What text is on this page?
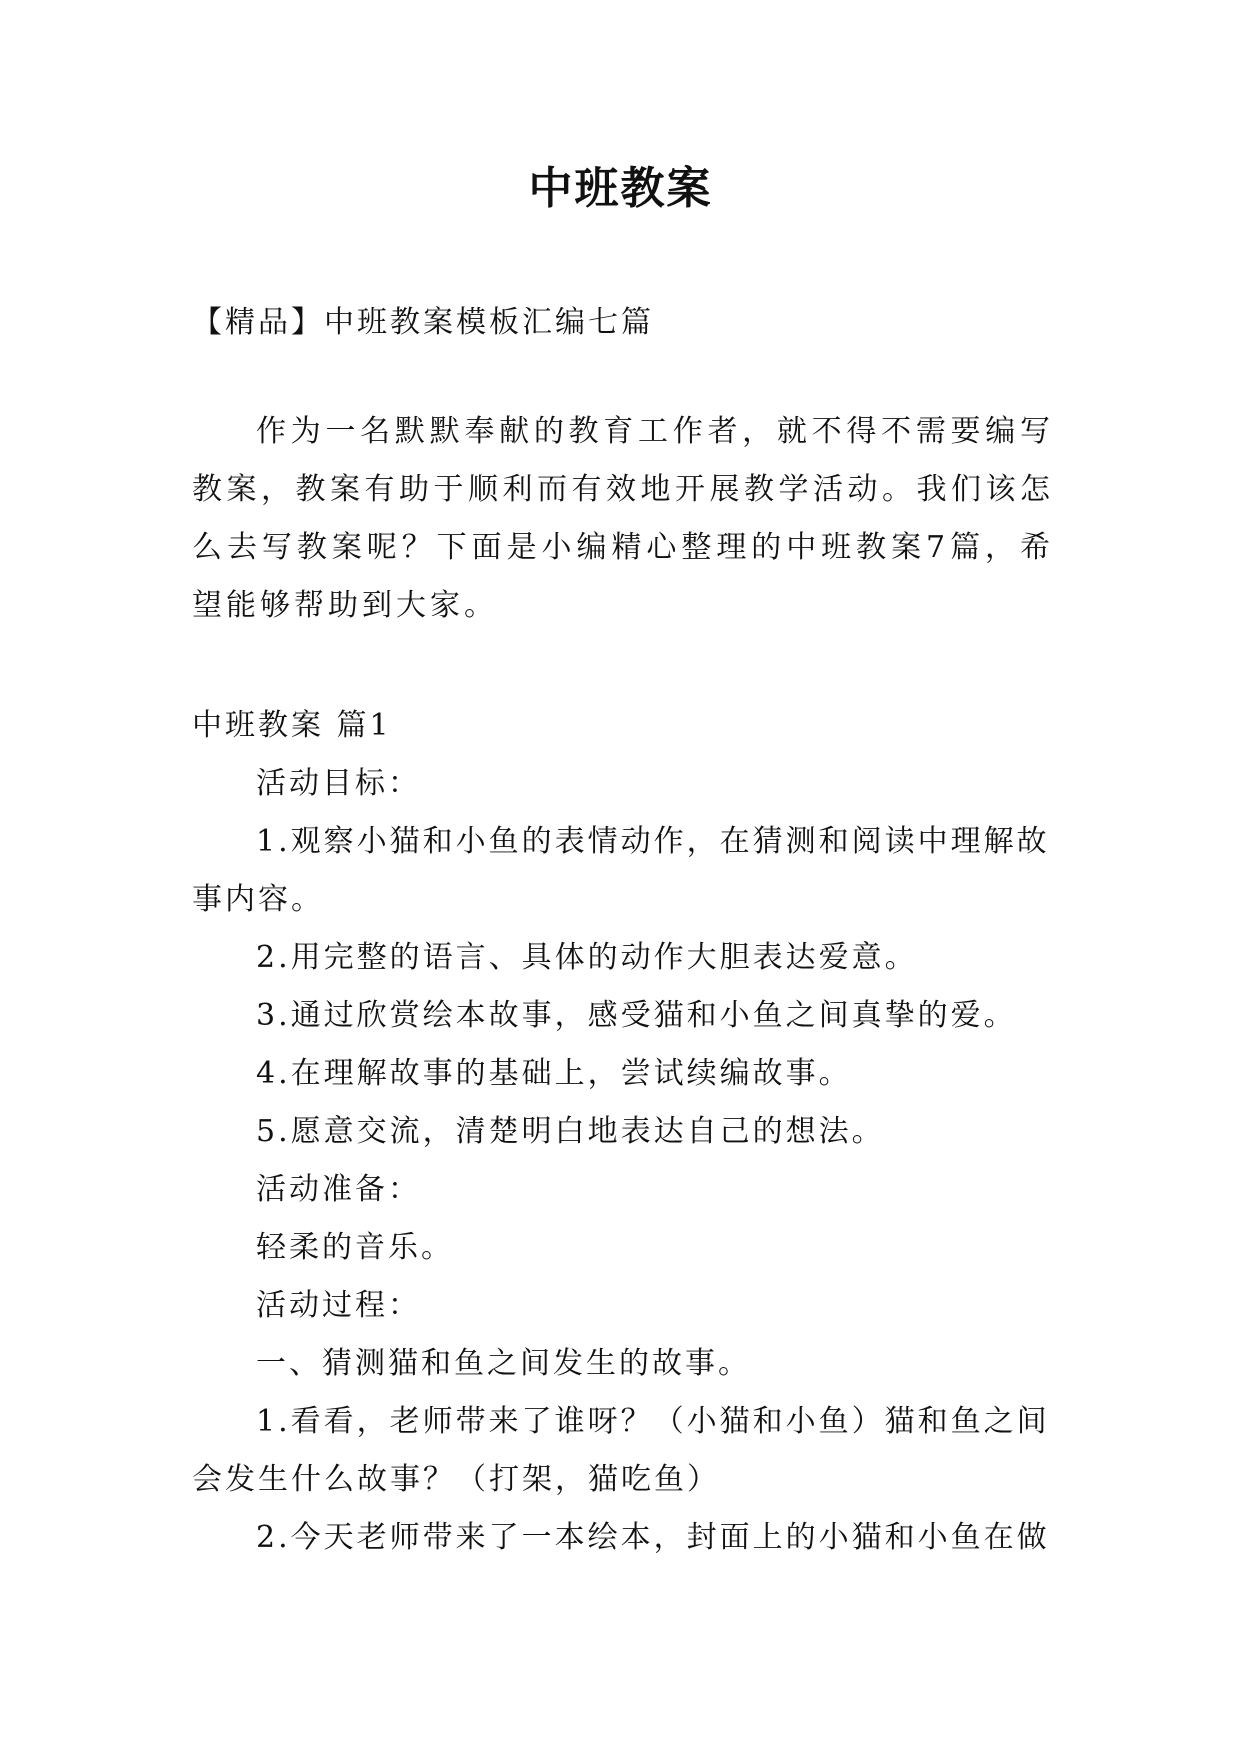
中班教案
【精品】中班教案模板汇编七篇
作为一名默默奉献的教育工作者，就不得不需要编写教案，教案有助于顺利而有效地开展教学活动。我们该怎么去写教案呢？下面是小编精心整理的中班教案7篇，希望能够帮助到大家。

中班教案 篇1

活动目标：

1.观察小猫和小鱼的表情动作，在猜测和阅读中理解故

事内容。

2.用完整的语言、具体的动作大胆表达爱意。

3.通过欣赏绘本故事，感受猫和小鱼之间真挚的爱。

4.在理解故事的基础上，尝试续编故事。

5.愿意交流，清楚明白地表达自己的想法。

活动准备：

轻柔的音乐。

活动过程：

一、猜测猫和鱼之间发生的故事。

1.看看，老师带来了谁呀？（小猫和小鱼）猫和鱼之间

会发生什么故事？（打架，猫吃鱼）

2.今天老师带来了一本绘本，封面上的小猫和小鱼在做
